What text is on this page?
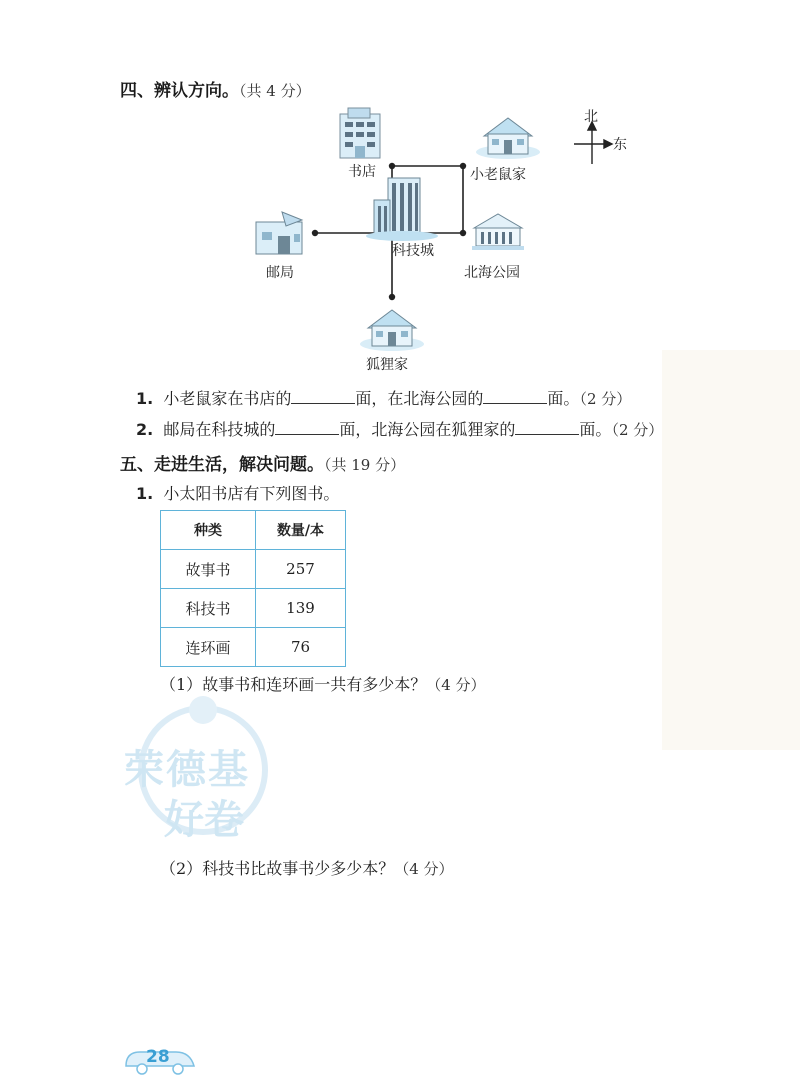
四、辨认方向。（共 4 分）
书店	小老鼠家
科技城
邮局	北海公园
狐狸家
北
东
1. 小老鼠家在书店的	面，在北海公园的	面。（2 分）
2. 邮局在科技城的	面，北海公园在狐狸家的	面。（2 分）
五、走进生活，解决问题。（共 19 分）
1. 小太阳书店有下列图书。
种类	数量/本
故事书	257
科技书	139
连环画	76
荣德基
好卷
（1）故事书和连环画一共有多少本？（4 分）
（2）科技书比故事书少多少本？（4 分）
28
